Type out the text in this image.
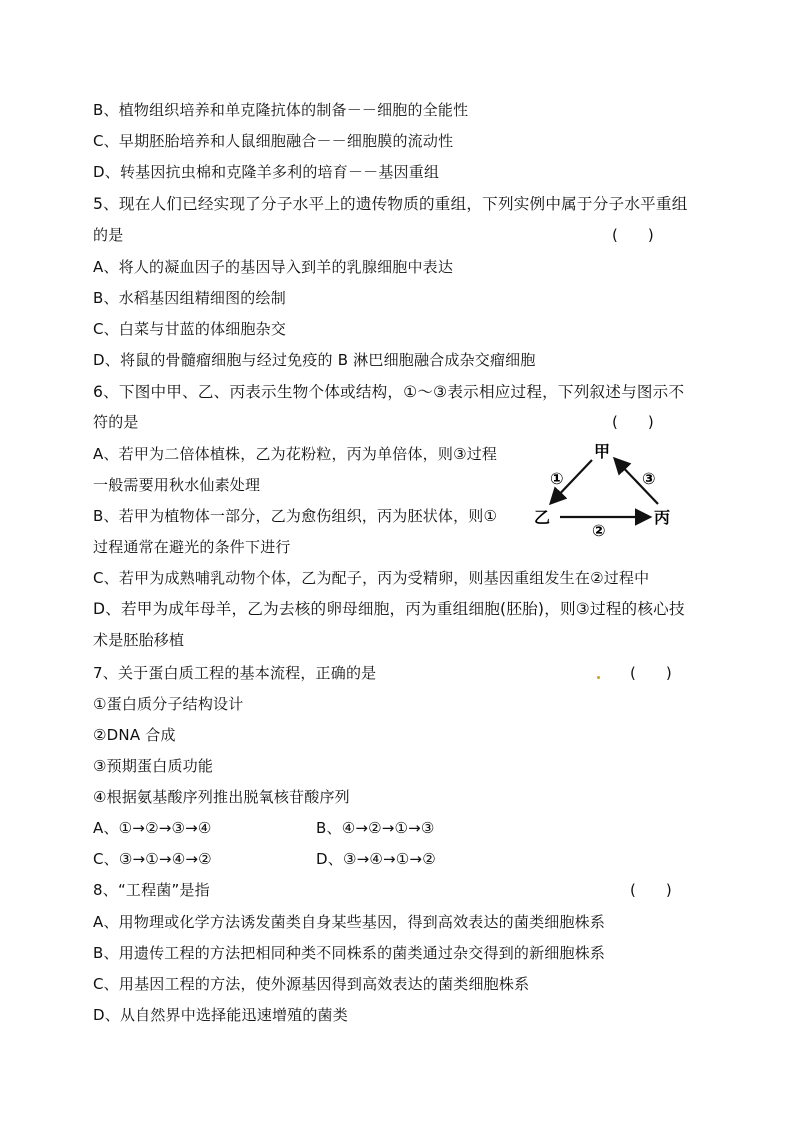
B、植物组织培养和单克隆抗体的制备－－细胞的全能性
C、早期胚胎培养和人鼠细胞融合－－细胞膜的流动性
D、转基因抗虫棉和克隆羊多利的培育－－基因重组
5、现在人们已经实现了分子水平上的遗传物质的重组，下列实例中属于分子水平重组
的是	(　　)
A、将人的凝血因子的基因导入到羊的乳腺细胞中表达
B、水稻基因组精细图的绘制
C、白菜与甘蓝的体细胞杂交
D、将鼠的骨髓瘤细胞与经过免疫的 B 淋巴细胞融合成杂交瘤细胞
6、下图中甲、乙、丙表示生物个体或结构，①～③表示相应过程，下列叙述与图示不
符的是	(　　)
A、若甲为二倍体植株，乙为花粉粒，丙为单倍体，则③过程
一般需要用秋水仙素处理
B、若甲为植物体一部分，乙为愈伤组织，丙为胚状体，则①
过程通常在避光的条件下进行
C、若甲为成熟哺乳动物个体，乙为配子，丙为受精卵，则基因重组发生在②过程中
D、若甲为成年母羊，乙为去核的卵母细胞，丙为重组细胞(胚胎)，则③过程的核心技
术是胚胎移植
甲
乙	丙
①
②
③
7、关于蛋白质工程的基本流程，正确的是	(　　)
①蛋白质分子结构设计
②DNA 合成
③预期蛋白质功能
④根据氨基酸序列推出脱氧核苷酸序列
A、①→②→③→④	B、④→②→①→③
C、③→①→④→②	D、③→④→①→②
8、“工程菌”是指	(　　)
A、用物理或化学方法诱发菌类自身某些基因，得到高效表达的菌类细胞株系
B、用遗传工程的方法把相同种类不同株系的菌类通过杂交得到的新细胞株系
C、用基因工程的方法，使外源基因得到高效表达的菌类细胞株系
D、从自然界中选择能迅速增殖的菌类
